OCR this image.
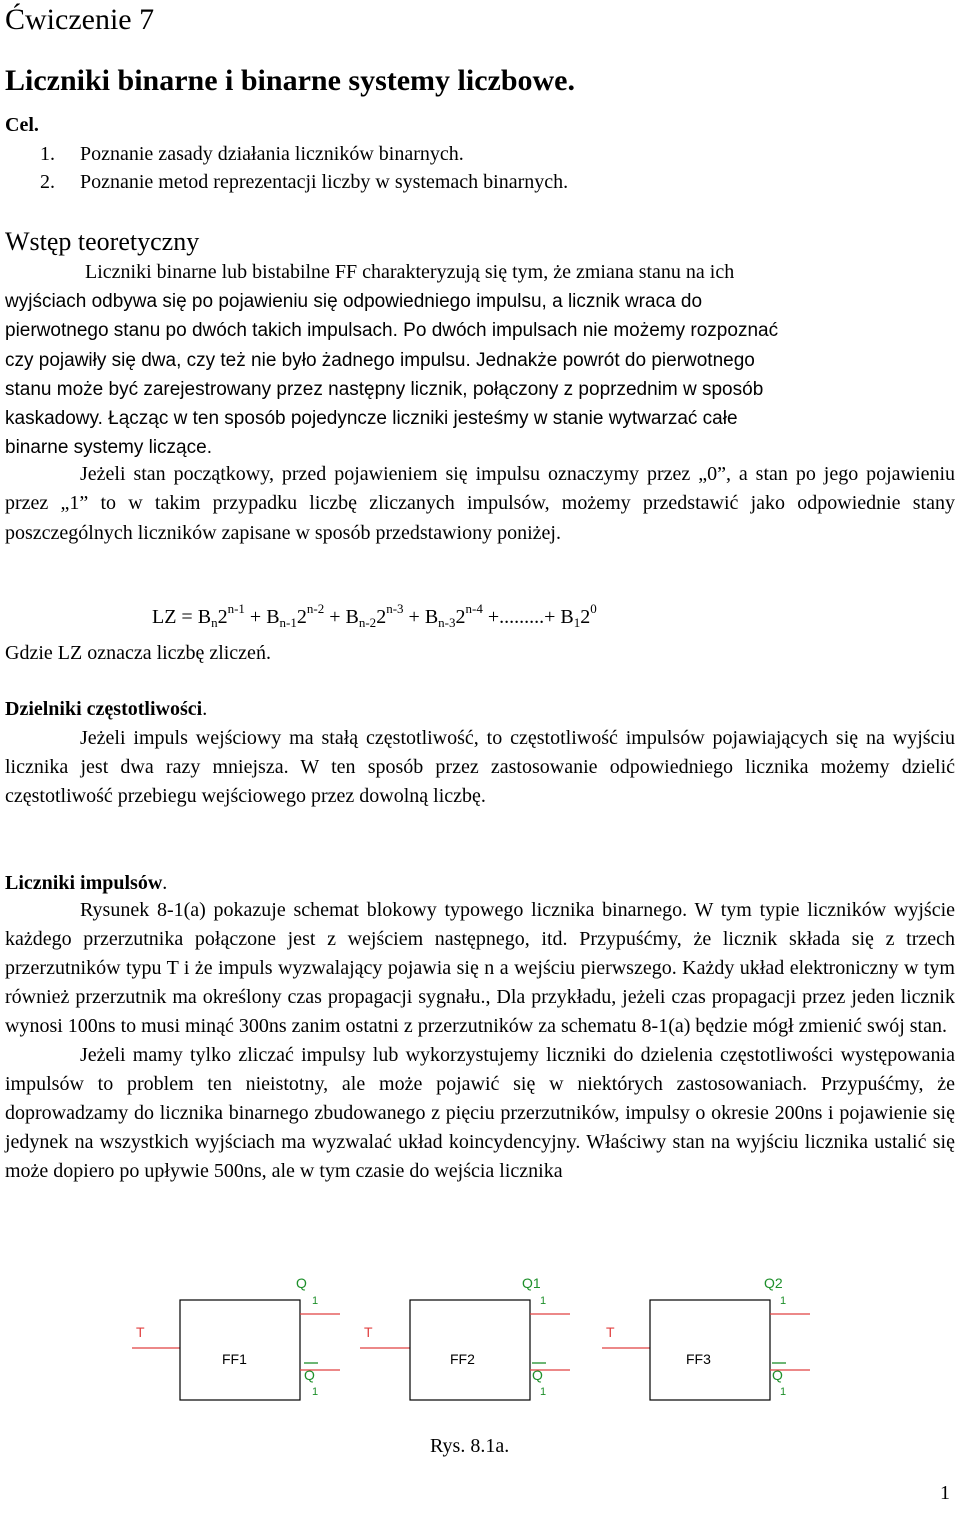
Ćwiczenie 7
Liczniki binarne i binarne systemy liczbowe.
Cel.
1. Poznanie zasady działania liczników binarnych.
2. Poznanie metod reprezentacji liczby w systemach binarnych.
Wstęp teoretyczny
Liczniki binarne lub bistabilne FF charakteryzują się tym, że zmiana stanu na ich
wyjściach odbywa się po pojawieniu się odpowiedniego impulsu, a licznik wraca do
pierwotnego stanu po dwóch takich impulsach. Po dwóch impulsach nie możemy rozpoznać
czy pojawiły się dwa, czy też nie było żadnego impulsu. Jednakże powrót do pierwotnego
stanu może być zarejestrowany przez następny licznik, połączony z poprzednim w sposób
kaskadowy. Łącząc w ten sposób pojedyncze liczniki jesteśmy w stanie wytwarzać całe
binarne systemy liczące.
Jeżeli stan początkowy, przed pojawieniem się impulsu oznaczymy przez „0”, a stan po jego pojawieniu przez „1” to w takim przypadku liczbę zliczanych impulsów, możemy przedstawić jako odpowiednie stany poszczególnych liczników zapisane w sposób przedstawiony poniżej.
LZ = $B_n2^{n-1} + B_{n-1}2^{n-2} + B_{n-2}2^{n-3} + B_{n-3}2^{n-4}$ +.........+ $B_12^0$
Gdzie LZ oznacza liczbę zliczeń.
Dzielniki częstotliwości.
Jeżeli impuls wejściowy ma stałą częstotliwość, to częstotliwość impulsów pojawiających się na wyjściu licznika jest dwa razy mniejsza. W ten sposób przez zastosowanie odpowiedniego licznika możemy dzielić częstotliwość przebiegu wejściowego przez dowolną liczbę.
Liczniki impulsów.

Rysunek 8-1(a) pokazuje schemat blokowy typowego licznika binarnego. W tym typie liczników wyjście każdego przerzutnika połączone jest z wejściem następnego, itd. Przypuśćmy, że licznik składa się z trzech przerzutników typu T i że impuls wyzwalający pojawia się n a wejściu pierwszego. Każdy układ elektroniczny w tym również przerzutnik ma określony czas propagacji sygnału., Dla przykładu, jeżeli czas propagacji przez jeden licznik wynosi 100ns to musi minąć 300ns zanim ostatni z przerzutników za schematu 8-1(a) będzie mógł zmienić swój stan.

Jeżeli mamy tylko zliczać impulsy lub wykorzystujemy liczniki do dzielenia częstotliwości występowania impulsów to problem ten nieistotny, ale może pojawić się w niektórych zastosowaniach. Przypuśćmy, że doprowadzamy do licznika binarnego zbudowanego z pięciu przerzutników, impulsy o okresie 200ns i pojawienie się jedynek na wszystkich wyjściach ma wyzwalać układ koincydencyjny. Właściwy stan na wyjściu licznika ustalić się może dopiero po upływie 500ns, ale w tym czasie do wejścia licznika

T
FF1
Q
1
Q
1
T
FF2
Q1
1
Q
1
T
FF3
Q2
1
Q
1
Rys. 8.1a.
1
